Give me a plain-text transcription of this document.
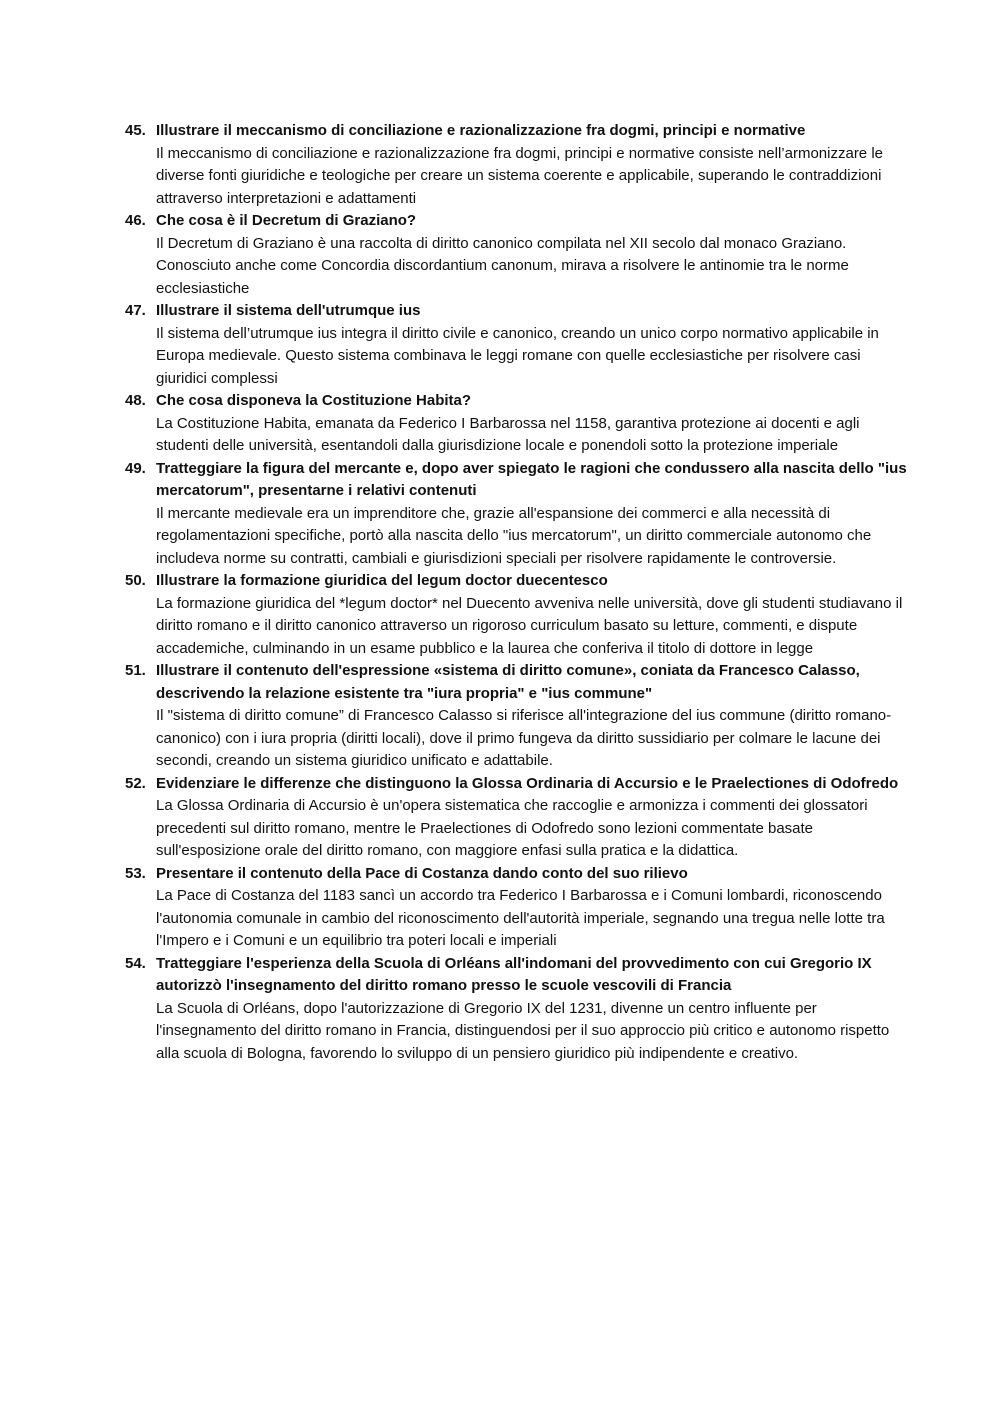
45. Illustrare il meccanismo di conciliazione e razionalizzazione fra dogmi, principi e normative

Il meccanismo di conciliazione e razionalizzazione fra dogmi, principi e normative consiste nell’armonizzare le diverse fonti giuridiche e teologiche per creare un sistema coerente e applicabile, superando le contraddizioni attraverso interpretazioni e adattamenti

46. Che cosa è il Decretum di Graziano?

Il Decretum di Graziano è una raccolta di diritto canonico compilata nel XII secolo dal monaco Graziano. Conosciuto anche come Concordia discordantium canonum, mirava a risolvere le antinomie tra le norme ecclesiastiche

47. Illustrare il sistema dell'utrumque ius

Il sistema dell’utrumque ius integra il diritto civile e canonico, creando un unico corpo normativo applicabile in Europa medievale. Questo sistema combinava le leggi romane con quelle ecclesiastiche per risolvere casi giuridici complessi

48. Che cosa disponeva la Costituzione Habita?

La Costituzione Habita, emanata da Federico I Barbarossa nel 1158, garantiva protezione ai docenti e agli studenti delle università, esentandoli dalla giurisdizione locale e ponendoli sotto la protezione imperiale

49. Tratteggiare la figura del mercante e, dopo aver spiegato le ragioni che condussero alla nascita dello "ius mercatorum", presentarne i relativi contenuti

Il mercante medievale era un imprenditore che, grazie all'espansione dei commerci e alla necessità di regolamentazioni specifiche, portò alla nascita dello "ius mercatorum", un diritto commerciale autonomo che includeva norme su contratti, cambiali e giurisdizioni speciali per risolvere rapidamente le controversie.

50. Illustrare la formazione giuridica del legum doctor duecentesco

La formazione giuridica del *legum doctor* nel Duecento avveniva nelle università, dove gli studenti studiavano il diritto romano e il diritto canonico attraverso un rigoroso curriculum basato su letture, commenti, e dispute accademiche, culminando in un esame pubblico e la laurea che conferiva il titolo di dottore in legge

51. Illustrare il contenuto dell'espressione «sistema di diritto comune», coniata da Francesco Calasso, descrivendo la relazione esistente tra "iura propria" e "ius commune"

Il "sistema di diritto comune” di Francesco Calasso si riferisce all'integrazione del ius commune (diritto romano-canonico) con i iura propria (diritti locali), dove il primo fungeva da diritto sussidiario per colmare le lacune dei secondi, creando un sistema giuridico unificato e adattabile.

52. Evidenziare le differenze che distinguono la Glossa Ordinaria di Accursio e le Praelectiones di Odofredo

La Glossa Ordinaria di Accursio è un'opera sistematica che raccoglie e armonizza i commenti dei glossatori precedenti sul diritto romano, mentre le Praelectiones di Odofredo sono lezioni commentate basate sull'esposizione orale del diritto romano, con maggiore enfasi sulla pratica e la didattica.

53. Presentare il contenuto della Pace di Costanza dando conto del suo rilievo

La Pace di Costanza del 1183 sancì un accordo tra Federico I Barbarossa e i Comuni lombardi, riconoscendo l'autonomia comunale in cambio del riconoscimento dell'autorità imperiale, segnando una tregua nelle lotte tra l'Impero e i Comuni e un equilibrio tra poteri locali e imperiali

54. Tratteggiare l'esperienza della Scuola di Orléans all'indomani del provvedimento con cui Gregorio IX autorizzò l'insegnamento del diritto romano presso le scuole vescovili di Francia

La Scuola di Orléans, dopo l'autorizzazione di Gregorio IX del 1231, divenne un centro influente per l'insegnamento del diritto romano in Francia, distinguendosi per il suo approccio più critico e autonomo rispetto alla scuola di Bologna, favorendo lo sviluppo di un pensiero giuridico più indipendente e creativo.
